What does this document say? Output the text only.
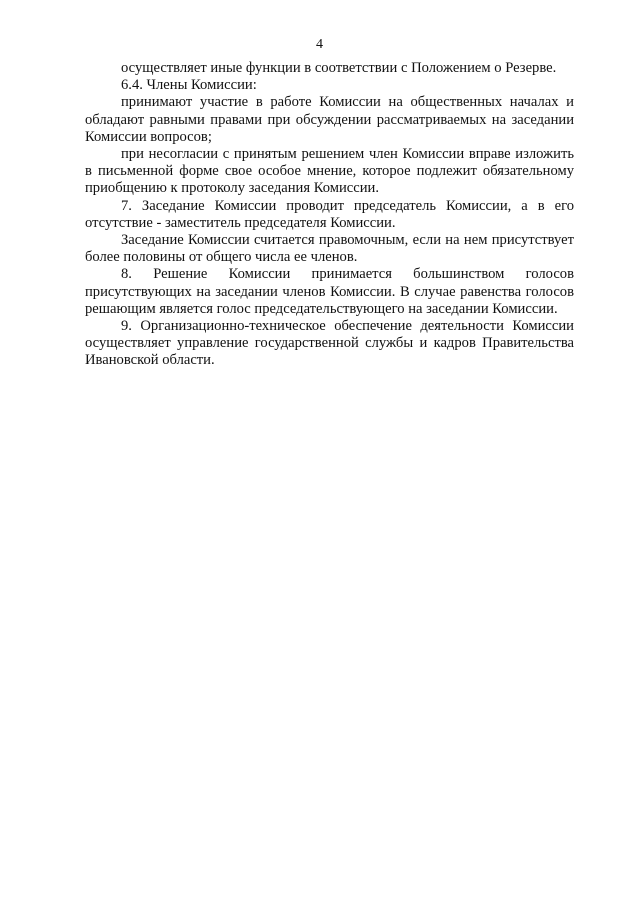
4

осуществляет иные функции в соответствии с Положением о Резерве.

6.4. Члены Комиссии:

принимают участие в работе Комиссии на общественных началах и обладают равными правами при обсуждении рассматриваемых на заседании Комиссии вопросов;

при несогласии с принятым решением член Комиссии вправе изложить в письменной форме свое особое мнение, которое подлежит обязательному приобщению к протоколу заседания Комиссии.

7. Заседание Комиссии проводит председатель Комиссии, а в его отсутствие - заместитель председателя Комиссии.

Заседание Комиссии считается правомочным, если на нем присутствует более половины от общего числа ее членов.

8. Решение Комиссии принимается большинством голосов присутствующих на заседании членов Комиссии. В случае равенства голосов решающим является голос председательствующего на заседании Комиссии.

9. Организационно-техническое обеспечение деятельности Комиссии осуществляет управление государственной службы и кадров Правительства Ивановской области.
